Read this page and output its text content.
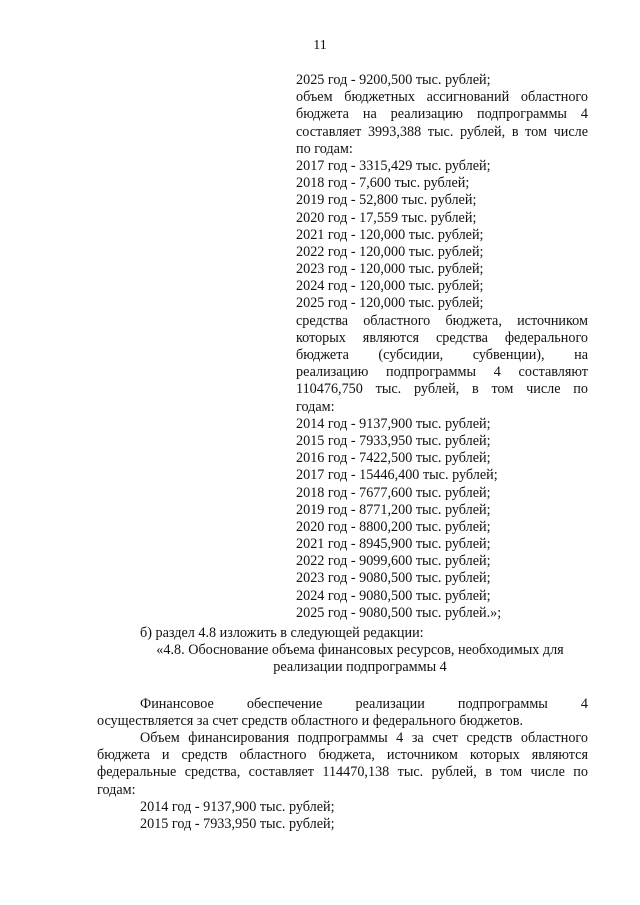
11
2025 год - 9200,500 тыс. рублей;
объем бюджетных ассигнований областного
бюджета на реализацию подпрограммы 4
составляет 3993,388 тыс. рублей, в том числе
по годам:
2017 год - 3315,429 тыс. рублей;
2018 год - 7,600 тыс. рублей;
2019 год - 52,800 тыс. рублей;
2020 год - 17,559 тыс. рублей;
2021 год - 120,000 тыс. рублей;
2022 год - 120,000 тыс. рублей;
2023 год - 120,000 тыс. рублей;
2024 год - 120,000 тыс. рублей;
2025 год - 120,000 тыс. рублей;
средства областного бюджета, источником
которых являются средства федерального
бюджета (субсидии, субвенции), на
реализацию подпрограммы 4 составляют
110476,750 тыс. рублей, в том числе по
годам:
2014 год - 9137,900 тыс. рублей;
2015 год - 7933,950 тыс. рублей;
2016 год - 7422,500 тыс. рублей;
2017 год - 15446,400 тыс. рублей;
2018 год - 7677,600 тыс. рублей;
2019 год - 8771,200 тыс. рублей;
2020 год - 8800,200 тыс. рублей;
2021 год - 8945,900 тыс. рублей;
2022 год - 9099,600 тыс. рублей;
2023 год - 9080,500 тыс. рублей;
2024 год - 9080,500 тыс. рублей;
2025 год - 9080,500 тыс. рублей.»;
б) раздел 4.8 изложить в следующей редакции:
«4.8. Обоснование объема финансовых ресурсов, необходимых для
реализации подпрограммы 4
Финансовое обеспечение реализации подпрограммы 4
осуществляется за счет средств областного и федерального бюджетов.
Объем финансирования подпрограммы 4 за счет средств областного
бюджета и средств областного бюджета, источником которых являются
федеральные средства, составляет 114470,138 тыс. рублей, в том числе по
годам:
2014 год - 9137,900 тыс. рублей;
2015 год - 7933,950 тыс. рублей;
